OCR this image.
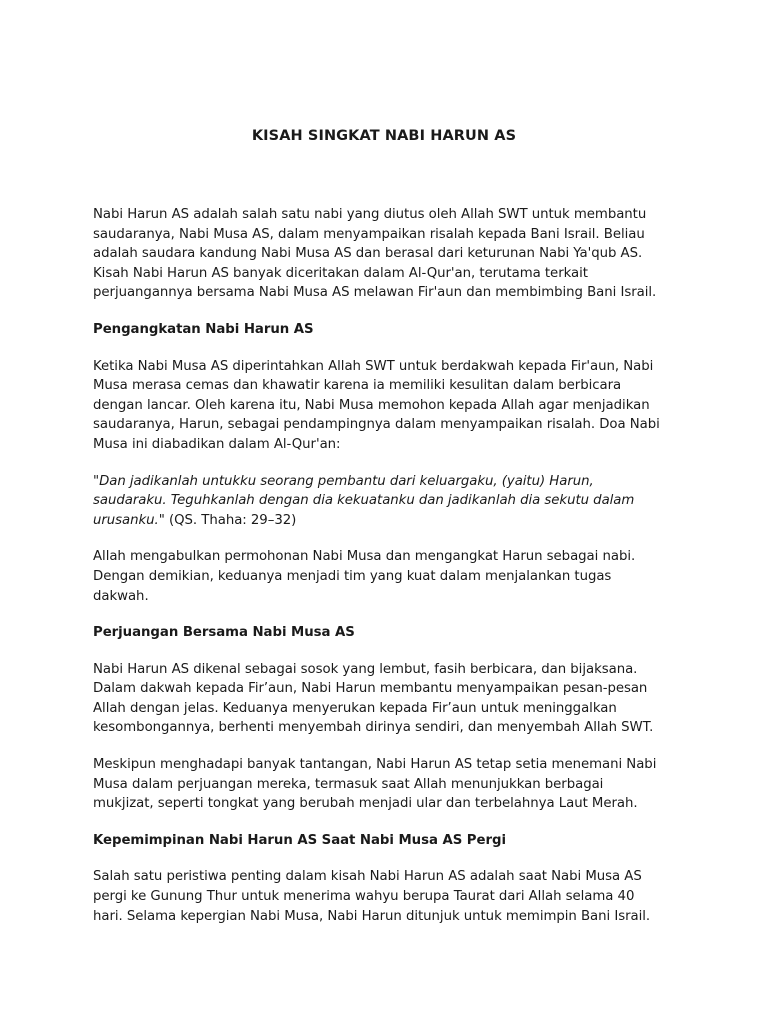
KISAH SINGKAT NABI HARUN AS

Nabi Harun AS adalah salah satu nabi yang diutus oleh Allah SWT untuk membantu
saudaranya, Nabi Musa AS, dalam menyampaikan risalah kepada Bani Israil. Beliau
adalah saudara kandung Nabi Musa AS dan berasal dari keturunan Nabi Ya'qub AS.
Kisah Nabi Harun AS banyak diceritakan dalam Al-Qur'an, terutama terkait
perjuangannya bersama Nabi Musa AS melawan Fir'aun dan membimbing Bani Israil.

Pengangkatan Nabi Harun AS

Ketika Nabi Musa AS diperintahkan Allah SWT untuk berdakwah kepada Fir'aun, Nabi
Musa merasa cemas dan khawatir karena ia memiliki kesulitan dalam berbicara
dengan lancar. Oleh karena itu, Nabi Musa memohon kepada Allah agar menjadikan
saudaranya, Harun, sebagai pendampingnya dalam menyampaikan risalah. Doa Nabi
Musa ini diabadikan dalam Al-Qur'an:

"Dan jadikanlah untukku seorang pembantu dari keluargaku, (yaitu) Harun,
saudaraku. Teguhkanlah dengan dia kekuatanku dan jadikanlah dia sekutu dalam
urusanku." (QS. Thaha: 29–32)

Allah mengabulkan permohonan Nabi Musa dan mengangkat Harun sebagai nabi.
Dengan demikian, keduanya menjadi tim yang kuat dalam menjalankan tugas
dakwah.

Perjuangan Bersama Nabi Musa AS

Nabi Harun AS dikenal sebagai sosok yang lembut, fasih berbicara, dan bijaksana.
Dalam dakwah kepada Fir’aun, Nabi Harun membantu menyampaikan pesan-pesan
Allah dengan jelas. Keduanya menyerukan kepada Fir’aun untuk meninggalkan
kesombongannya, berhenti menyembah dirinya sendiri, dan menyembah Allah SWT.

Meskipun menghadapi banyak tantangan, Nabi Harun AS tetap setia menemani Nabi
Musa dalam perjuangan mereka, termasuk saat Allah menunjukkan berbagai
mukjizat, seperti tongkat yang berubah menjadi ular dan terbelahnya Laut Merah.

Kepemimpinan Nabi Harun AS Saat Nabi Musa AS Pergi

Salah satu peristiwa penting dalam kisah Nabi Harun AS adalah saat Nabi Musa AS
pergi ke Gunung Thur untuk menerima wahyu berupa Taurat dari Allah selama 40
hari. Selama kepergian Nabi Musa, Nabi Harun ditunjuk untuk memimpin Bani Israil.
